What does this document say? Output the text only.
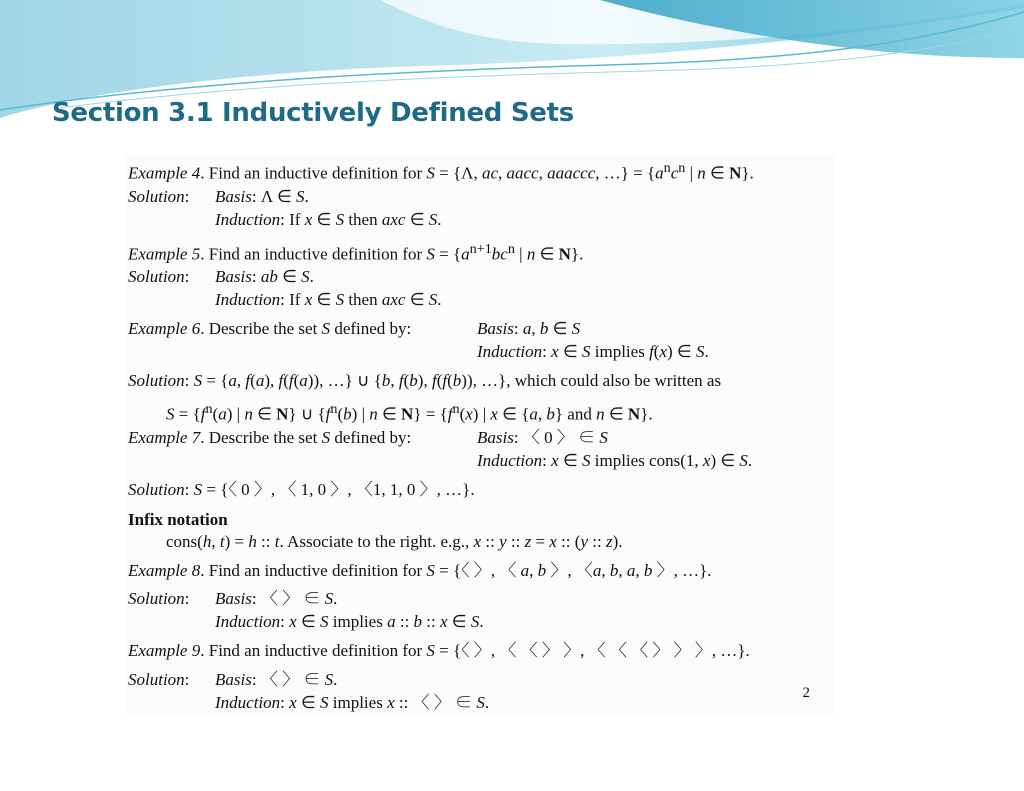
Section 3.1 Inductively Defined Sets
Example 4. Find an inductive definition for S = {Λ, ac, aacc, aaaccc, …} = {$a^nc^n$ | n ∈ N}.
Solution: Basis: Λ ∈ S.
Induction: If x ∈ S then axc ∈ S.
Example 5. Find an inductive definition for $S = \{a^{n+1}bc^n$ | n ∈ N}.
Solution: Basis: ab ∈ S.
Induction: If x ∈ S then axc ∈ S.
Example 6. Describe the set S defined by:	Basis: a, b ∈ S
Induction: x ∈ S implies f(x) ∈ S.
Solution: S = {a, f(a), f(f(a)), …} ∪ {b, f(b), f(f(b)), …}, which could also be written as
$S = \{f^n(a)$ | n ∈ N} ∪ {$f^n(b)$ | n ∈ $N\} = \{f^n(x)$ | x ∈ {a, b} and n ∈ N}.
Example 7. Describe the set S defined by:	Basis: 〈 0 〉 ∈ S
Induction: x ∈ S implies cons(1, x) ∈ S.
Solution: S = {〈 0 〉, 〈 1, 0 〉, 〈1, 1, 0 〉, …}.
Infix notation
cons(h, t) = h :: t. Associate to the right. e.g., x :: y :: z = x :: (y :: z).
Example 8. Find an inductive definition for S = {〈 〉, 〈 a, b 〉, 〈a, b, a, b 〉, …}.
Solution: Basis: 〈 〉 ∈ S.
Induction: x ∈ S implies a :: b :: x ∈ S.
Example 9. Find an inductive definition for S = {〈 〉, 〈 〈 〉 〉, 〈 〈 〈 〉 〉 〉, …}.
Solution: Basis: 〈 〉 ∈ S.
Induction: x ∈ S implies x :: 〈 〉 ∈ S.	2
